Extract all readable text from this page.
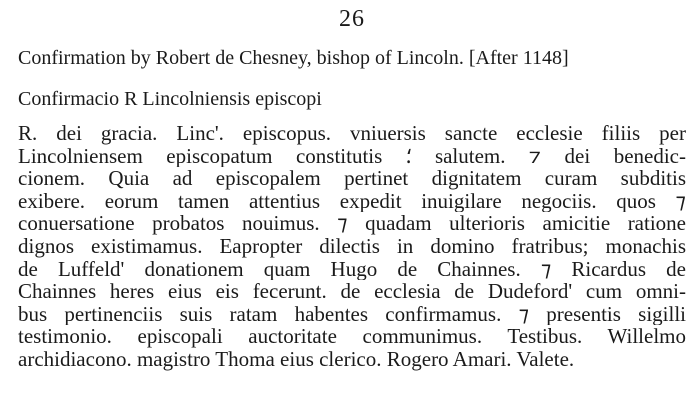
26
Confirmation by Robert de Chesney, bishop of Lincoln. [After 1148]
Confirmacio R Lincolniensis episcopi
R. dei gracia. Linc'. episcopus. vniuersis sancte ecclesie filiis per
Lincolniensem episcopatum constitutis ⸵ salutem. ⁊ dei benedic-
cionem. Quia ad episcopalem pertinet dignitatem curam subditis
exibere. eorum tamen attentius expedit inuigilare negociis. quos ⁊
conuersatione probatos nouimus. ⁊ quadam ulterioris amicitie ratione
dignos existimamus. Eapropter dilectis in domino fratribus; monachis
de Luffeld' donationem quam Hugo de Chainnes. ⁊ Ricardus de
Chainnes heres eius eis fecerunt. de ecclesia de Dudeford' cum omni-
bus pertinenciis suis ratam habentes confirmamus. ⁊ presentis sigilli
testimonio. episcopali auctoritate communimus. Testibus. Willelmo
archidiacono. magistro Thoma eius clerico. Rogero Amari. Valete.
